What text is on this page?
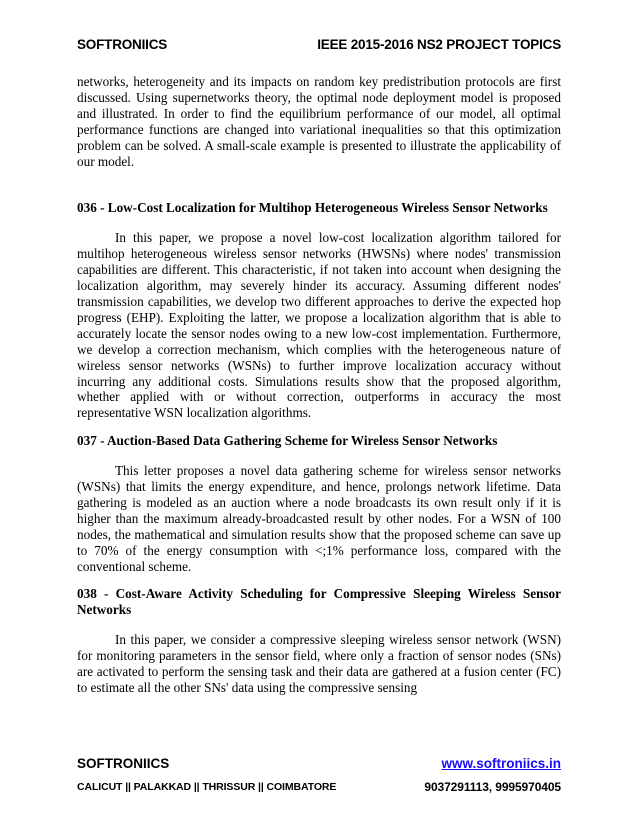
SOFTRONIICS	IEEE 2015-2016 NS2 PROJECT TOPICS

networks, heterogeneity and its impacts on random key predistribution protocols are first discussed. Using supernetworks theory, the optimal node deployment model is proposed and illustrated. In order to find the equilibrium performance of our model, all optimal performance functions are changed into variational inequalities so that this optimization problem can be solved. A small-scale example is presented to illustrate the applicability of our model.

036 - Low-Cost Localization for Multihop Heterogeneous Wireless Sensor Networks

In this paper, we propose a novel low-cost localization algorithm tailored for multihop heterogeneous wireless sensor networks (HWSNs) where nodes' transmission capabilities are different. This characteristic, if not taken into account when designing the localization algorithm, may severely hinder its accuracy. Assuming different nodes' transmission capabilities, we develop two different approaches to derive the expected hop progress (EHP). Exploiting the latter, we propose a localization algorithm that is able to accurately locate the sensor nodes owing to a new low-cost implementation. Furthermore, we develop a correction mechanism, which complies with the heterogeneous nature of wireless sensor networks (WSNs) to further improve localization accuracy without incurring any additional costs. Simulations results show that the proposed algorithm, whether applied with or without correction, outperforms in accuracy the most representative WSN localization algorithms.

037 - Auction-Based Data Gathering Scheme for Wireless Sensor Networks

This letter proposes a novel data gathering scheme for wireless sensor networks (WSNs) that limits the energy expenditure, and hence, prolongs network lifetime. Data gathering is modeled as an auction where a node broadcasts its own result only if it is higher than the maximum already-broadcasted result by other nodes. For a WSN of 100 nodes, the mathematical and simulation results show that the proposed scheme can save up to 70% of the energy consumption with <;1% performance loss, compared with the conventional scheme.

038 - Cost-Aware Activity Scheduling for Compressive Sleeping Wireless Sensor Networks

In this paper, we consider a compressive sleeping wireless sensor network (WSN) for monitoring parameters in the sensor field, where only a fraction of sensor nodes (SNs) are activated to perform the sensing task and their data are gathered at a fusion center (FC) to estimate all the other SNs' data using the compressive sensing

SOFTRONIICS	www.softroniics.in
CALICUT || PALAKKAD || THRISSUR || COIMBATORE	9037291113, 9995970405
